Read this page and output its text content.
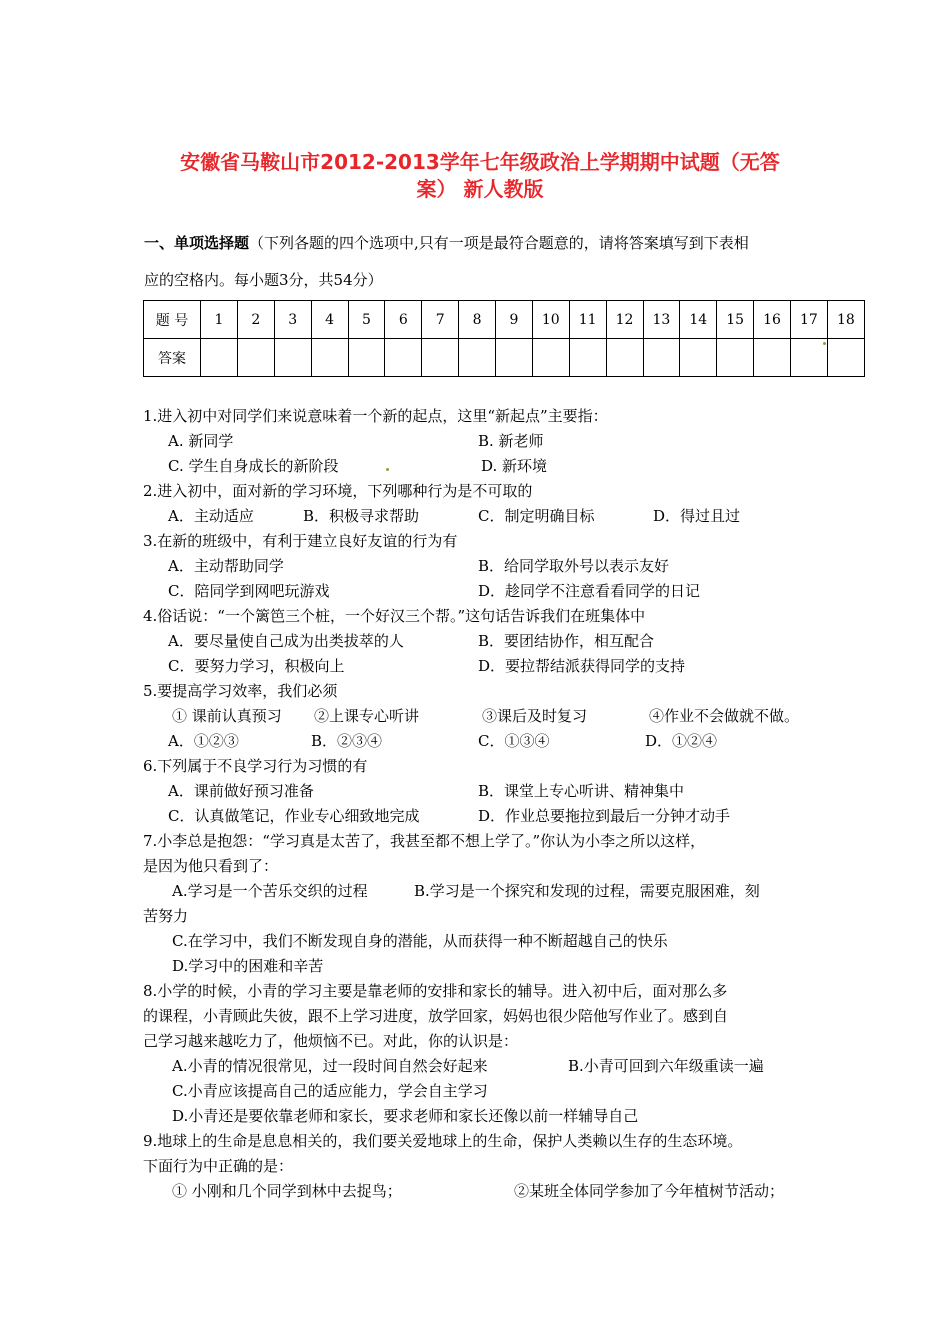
安徽省马鞍山市2012-2013学年七年级政治上学期期中试题（无答
案） 新人教版
一、单项选择题（下列各题的四个选项中,只有一项是最符合题意的，请将答案填写到下表相
应的空格内。每小题3分，共54分）
题 号	1	2	3	4	5	6	7	8	9	10	11	12	13	14	15	16	17	18
答案																		
1.进入初中对同学们来说意味着一个新的起点，这里“新起点”主要指：
A. 新同学	B. 新老师
C. 学生自身成长的新阶段	D. 新环境
2.进入初中，面对新的学习环境，下列哪种行为是不可取的
A．主动适应	B．积极寻求帮助	C．制定明确目标	D．得过且过
3.在新的班级中，有利于建立良好友谊的行为有
A．主动帮助同学	B．给同学取外号以表示友好
C．陪同学到网吧玩游戏	D．趁同学不注意看看同学的日记
4.俗话说：“一个篱笆三个桩，一个好汉三个帮。”这句话告诉我们在班集体中
A．要尽量使自己成为出类拔萃的人	B．要团结协作，相互配合
C．要努力学习，积极向上	D．要拉帮结派获得同学的支持
5.要提高学习效率，我们必须
① 课前认真预习 ②上课专心听讲	③课后及时复习	④作业不会做就不做。
A．①②③	B．②③④	C．①③④	D．①②④
6.下列属于不良学习行为习惯的有
A．课前做好预习准备	B．课堂上专心听讲、精神集中
C．认真做笔记，作业专心细致地完成	D．作业总要拖拉到最后一分钟才动手
7.小李总是抱怨：“学习真是太苦了，我甚至都不想上学了。”你认为小李之所以这样，
是因为他只看到了：
A.学习是一个苦乐交织的过程	B.学习是一个探究和发现的过程，需要克服困难，刻
苦努力
C.在学习中，我们不断发现自身的潜能，从而获得一种不断超越自己的快乐
D.学习中的困难和辛苦
8.小学的时候，小青的学习主要是靠老师的安排和家长的辅导。进入初中后，面对那么多
的课程，小青顾此失彼，跟不上学习进度，放学回家，妈妈也很少陪他写作业了。感到自
己学习越来越吃力了，他烦恼不已。对此，你的认识是：
A.小青的情况很常见，过一段时间自然会好起来	B.小青可回到六年级重读一遍
C.小青应该提高自己的适应能力，学会自主学习
D.小青还是要依靠老师和家长，要求老师和家长还像以前一样辅导自己
9.地球上的生命是息息相关的，我们要关爱地球上的生命，保护人类赖以生存的生态环境。
下面行为中正确的是：
① 小刚和几个同学到林中去捉鸟；	②某班全体同学参加了今年植树节活动；
